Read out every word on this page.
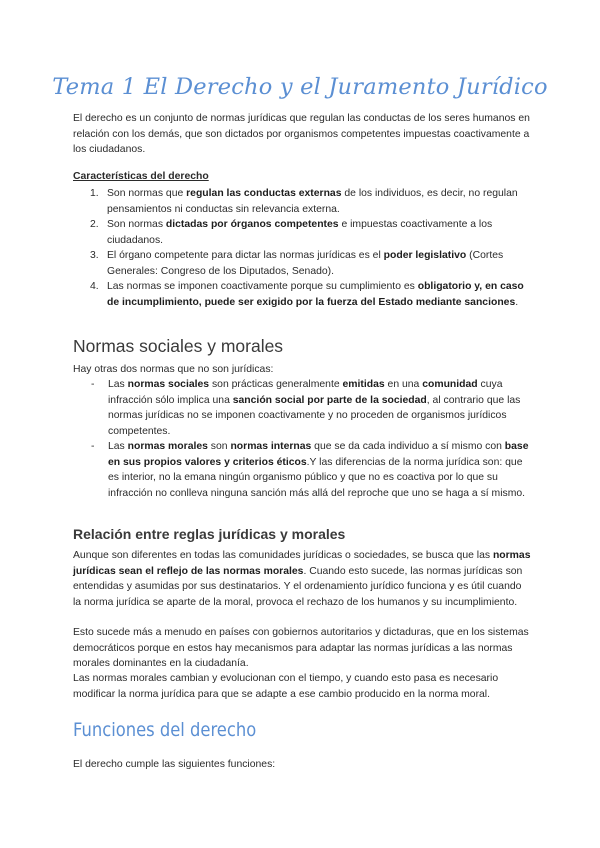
Tema 1 El Derecho y el Juramento Jurídico

El derecho es un conjunto de normas jurídicas que regulan las conductas de los seres humanos en relación con los demás, que son dictados por organismos competentes impuestas coactivamente a los ciudadanos.

Características del derecho

1. Son normas que regulan las conductas externas de los individuos, es decir, no regulan pensamientos ni conductas sin relevancia externa.
2. Son normas dictadas por órganos competentes e impuestas coactivamente a los ciudadanos.
3. El órgano competente para dictar las normas jurídicas es el poder legislativo (Cortes Generales: Congreso de los Diputados, Senado).
4. Las normas se imponen coactivamente porque su cumplimiento es obligatorio y, en caso de incumplimiento, puede ser exigido por la fuerza del Estado mediante sanciones.
Normas sociales y morales

Hay otras dos normas que no son jurídicas:

- Las normas sociales son prácticas generalmente emitidas en una comunidad cuya infracción sólo implica una sanción social por parte de la sociedad, al contrario que las normas jurídicas no se imponen coactivamente y no proceden de organismos jurídicos competentes.
- Las normas morales son normas internas que se da cada individuo a sí mismo con base en sus propios valores y criterios éticos.Y las diferencias de la norma jurídica son: que es interior, no la emana ningún organismo público y que no es coactiva por lo que su infracción no conlleva ninguna sanción más allá del reproche que uno se haga a sí mismo.
Relación entre reglas jurídicas y morales

Aunque son diferentes en todas las comunidades jurídicas o sociedades, se busca que las normas jurídicas sean el reflejo de las normas morales. Cuando esto sucede, las normas jurídicas son entendidas y asumidas por sus destinatarios. Y el ordenamiento jurídico funciona y es útil cuando la norma jurídica se aparte de la moral, provoca el rechazo de los humanos y su incumplimiento.

Esto sucede más a menudo en países con gobiernos autoritarios y dictaduras, que en los sistemas democráticos porque en estos hay mecanismos para adaptar las normas jurídicas a las normas morales dominantes en la ciudadanía.

Las normas morales cambian y evolucionan con el tiempo, y cuando esto pasa es necesario modificar la norma jurídica para que se adapte a ese cambio producido en la norma moral.

Funciones del derecho

El derecho cumple las siguientes funciones:
